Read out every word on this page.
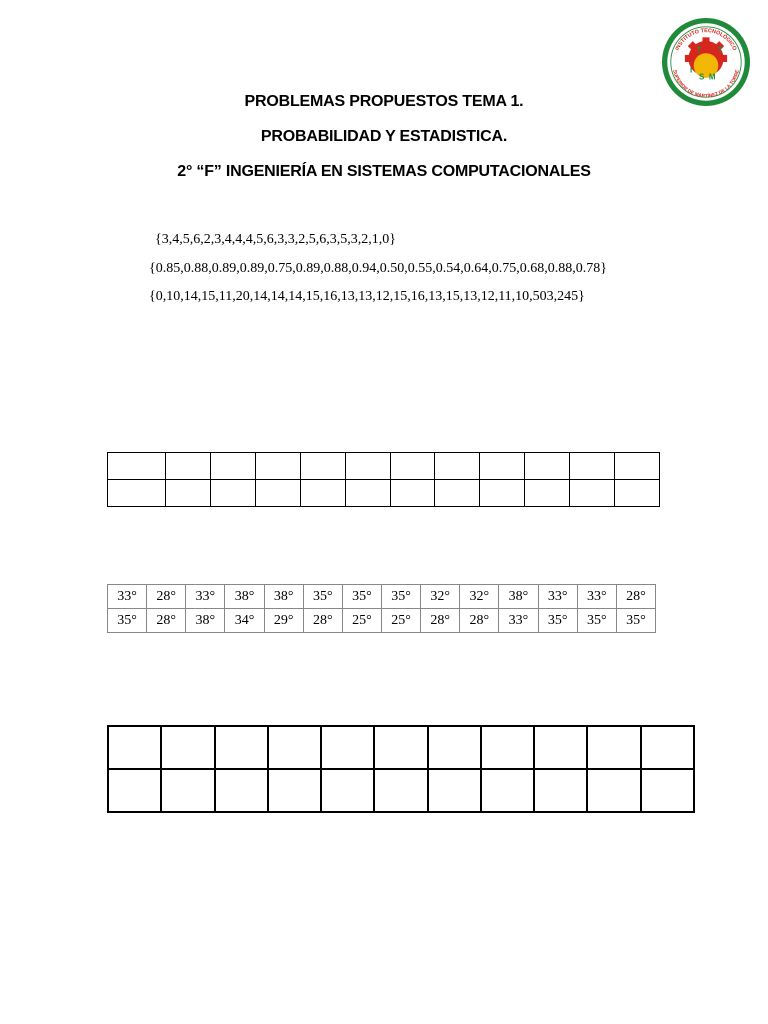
I
T
S M
T
INSTITUTO TECNOLÓGICO
SUPERIOR DE MARTÍNEZ DE LA TORRE
PROBLEMAS PROPUESTOS TEMA 1.
PROBABILIDAD Y ESTADISTICA.
2° “F” INGENIERÍA EN SISTEMAS COMPUTACIONALES
{3,4,5,6,2,3,4,4,4,5,6,3,3,2,5,6,3,5,3,2,1,0}
{0.85,0.88,0.89,0.89,0.75,0.89,0.88,0.94,0.50,0.55,0.54,0.64,0.75,0.68,0.88,0.78}
{0,10,14,15,11,20,14,14,14,15,16,13,13,12,15,16,13,15,13,12,11,10,503,245}

33°	28°	33°	38°	38°	35°	35°	35°	32°	32°	38°	33°	33°	28°
35°	28°	38°	34°	29°	28°	25°	25°	28°	28°	33°	35°	35°	35°
